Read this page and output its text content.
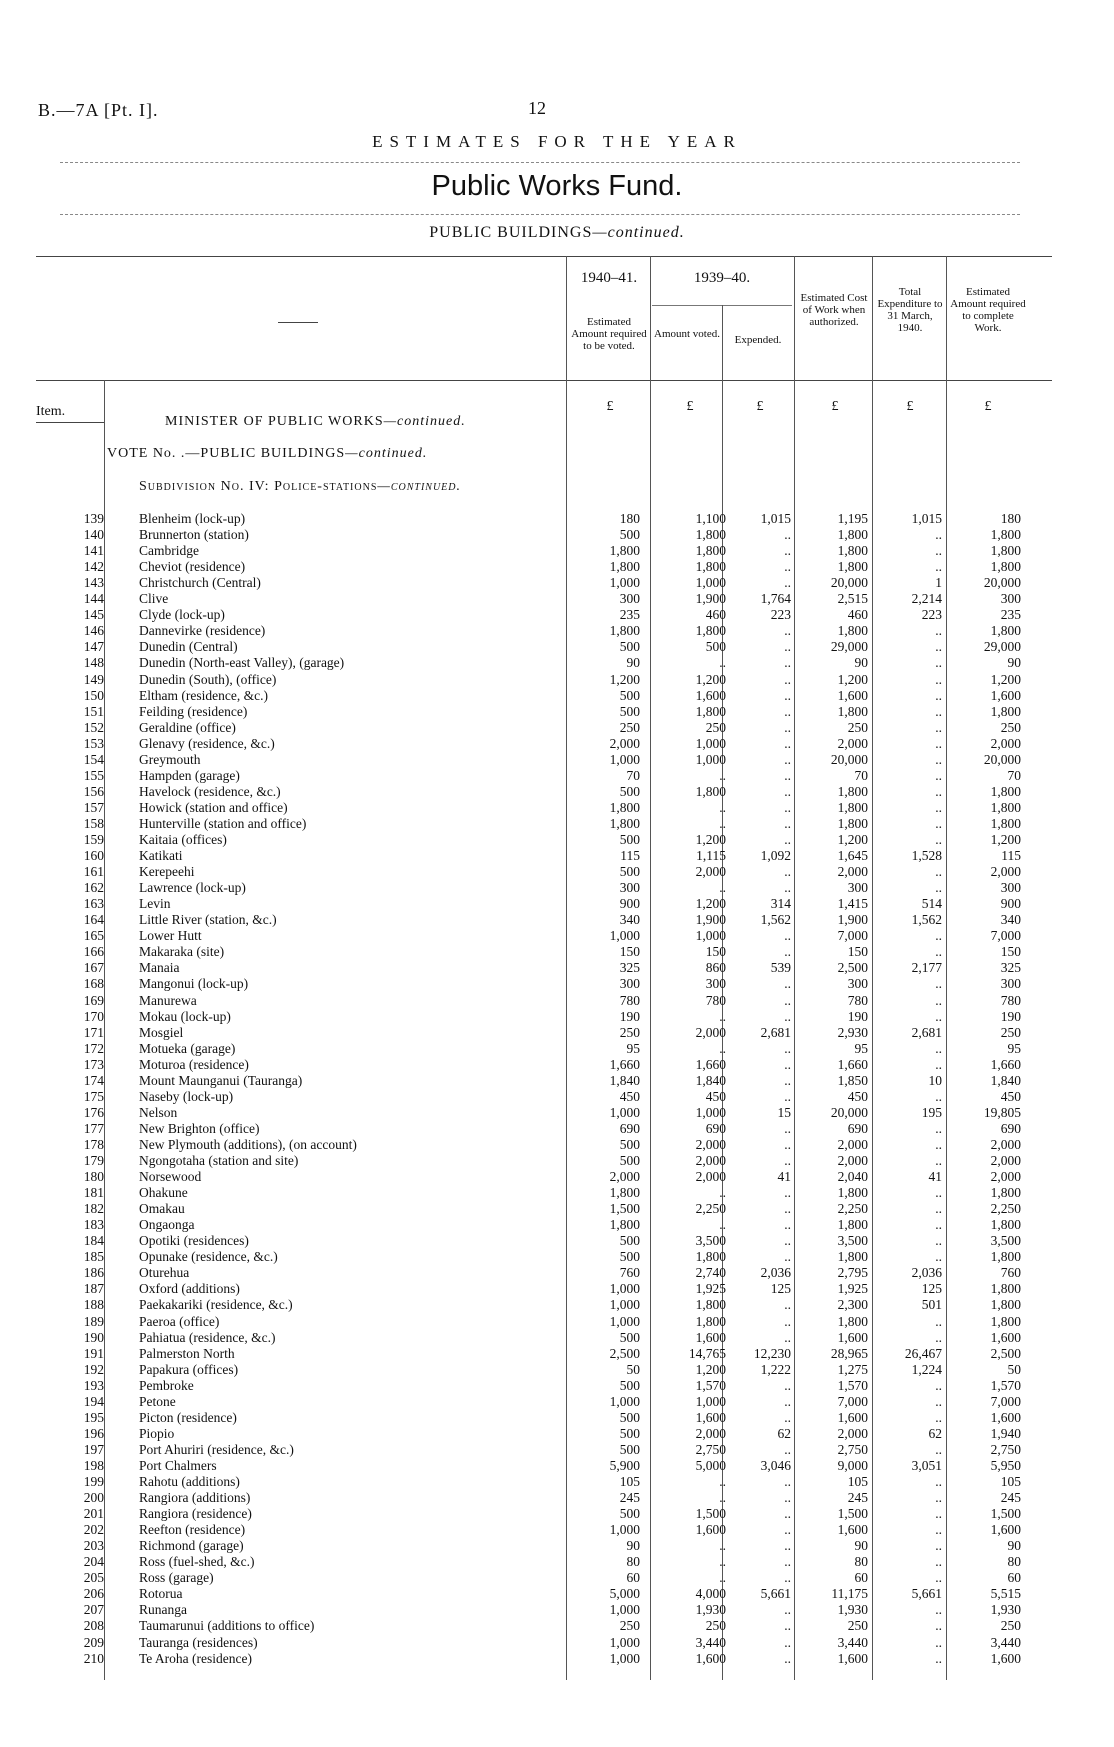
B.—7A [Pt. I].	12
ESTIMATES FOR THE YEAR
Public Works Fund.
PUBLIC BUILDINGS—continued.
1940–41.	1939–40.
Estimated Amount required to be voted.
Amount voted.	Expended.
Estimated Cost of Work when authorized.
Total Expenditure to 31 March, 1940.
Estimated Amount required to complete Work.
Item.	£	£	£	£	£	£
MINISTER OF PUBLIC WORKS—continued.
VOTE No. .—PUBLIC BUILDINGS—continued.
Subdivision No. IV: Police-stations—continued.
139	Blenheim (lock-up)	180	1,100	1,015	1,195	1,015	180
140	Brunnerton (station)	500	1,800	..	1,800	..	1,800
141	Cambridge	1,800	1,800	..	1,800	..	1,800
142	Cheviot (residence)	1,800	1,800	..	1,800	..	1,800
143	Christchurch (Central)	1,000	1,000	..	20,000	1	20,000
144	Clive	300	1,900	1,764	2,515	2,214	300
145	Clyde (lock-up)	235	460	223	460	223	235
146	Dannevirke (residence)	1,800	1,800	..	1,800	..	1,800
147	Dunedin (Central)	500	500	..	29,000	..	29,000
148	Dunedin (North-east Valley), (garage)	90	..	..	90	..	90
149	Dunedin (South), (office)	1,200	1,200	..	1,200	..	1,200
150	Eltham (residence, &c.)	500	1,600	..	1,600	..	1,600
151	Feilding (residence)	500	1,800	..	1,800	..	1,800
152	Geraldine (office)	250	250	..	250	..	250
153	Glenavy (residence, &c.)	2,000	1,000	..	2,000	..	2,000
154	Greymouth	1,000	1,000	..	20,000	..	20,000
155	Hampden (garage)	70	..	..	70	..	70
156	Havelock (residence, &c.)	500	1,800	..	1,800	..	1,800
157	Howick (station and office)	1,800	..	..	1,800	..	1,800
158	Hunterville (station and office)	1,800	..	..	1,800	..	1,800
159	Kaitaia (offices)	500	1,200	..	1,200	..	1,200
160	Katikati	115	1,115	1,092	1,645	1,528	115
161	Kerepeehi	500	2,000	..	2,000	..	2,000
162	Lawrence (lock-up)	300	..	..	300	..	300
163	Levin	900	1,200	314	1,415	514	900
164	Little River (station, &c.)	340	1,900	1,562	1,900	1,562	340
165	Lower Hutt	1,000	1,000	..	7,000	..	7,000
166	Makaraka (site)	150	150	..	150	..	150
167	Manaia	325	860	539	2,500	2,177	325
168	Mangonui (lock-up)	300	300	..	300	..	300
169	Manurewa	780	780	..	780	..	780
170	Mokau (lock-up)	190	..	..	190	..	190
171	Mosgiel	250	2,000	2,681	2,930	2,681	250
172	Motueka (garage)	95	..	..	95	..	95
173	Moturoa (residence)	1,660	1,660	..	1,660	..	1,660
174	Mount Maunganui (Tauranga)	1,840	1,840	..	1,850	10	1,840
175	Naseby (lock-up)	450	450	..	450	..	450
176	Nelson	1,000	1,000	15	20,000	195	19,805
177	New Brighton (office)	690	690	..	690	..	690
178	New Plymouth (additions), (on account)	500	2,000	..	2,000	..	2,000
179	Ngongotaha (station and site)	500	2,000	..	2,000	..	2,000
180	Norsewood	2,000	2,000	41	2,040	41	2,000
181	Ohakune	1,800	..	..	1,800	..	1,800
182	Omakau	1,500	2,250	..	2,250	..	2,250
183	Ongaonga	1,800	..	..	1,800	..	1,800
184	Opotiki (residences)	500	3,500	..	3,500	..	3,500
185	Opunake (residence, &c.)	500	1,800	..	1,800	..	1,800
186	Oturehua	760	2,740	2,036	2,795	2,036	760
187	Oxford (additions)	1,000	1,925	125	1,925	125	1,800
188	Paekakariki (residence, &c.)	1,000	1,800	..	2,300	501	1,800
189	Paeroa (office)	1,000	1,800	..	1,800	..	1,800
190	Pahiatua (residence, &c.)	500	1,600	..	1,600	..	1,600
191	Palmerston North	2,500	14,765	12,230	28,965	26,467	2,500
192	Papakura (offices)	50	1,200	1,222	1,275	1,224	50
193	Pembroke	500	1,570	..	1,570	..	1,570
194	Petone	1,000	1,000	..	7,000	..	7,000
195	Picton (residence)	500	1,600	..	1,600	..	1,600
196	Piopio	500	2,000	62	2,000	62	1,940
197	Port Ahuriri (residence, &c.)	500	2,750	..	2,750	..	2,750
198	Port Chalmers	5,900	5,000	3,046	9,000	3,051	5,950
199	Rahotu (additions)	105	..	..	105	..	105
200	Rangiora (additions)	245	..	..	245	..	245
201	Rangiora (residence)	500	1,500	..	1,500	..	1,500
202	Reefton (residence)	1,000	1,600	..	1,600	..	1,600
203	Richmond (garage)	90	..	..	90	..	90
204	Ross (fuel-shed, &c.)	80	..	..	80	..	80
205	Ross (garage)	60	..	..	60	..	60
206	Rotorua	5,000	4,000	5,661	11,175	5,661	5,515
207	Runanga	1,000	1,930	..	1,930	..	1,930
208	Taumarunui (additions to office)	250	250	..	250	..	250
209	Tauranga (residences)	1,000	3,440	..	3,440	..	3,440
210	Te Aroha (residence)	1,000	1,600	..	1,600	..	1,600
